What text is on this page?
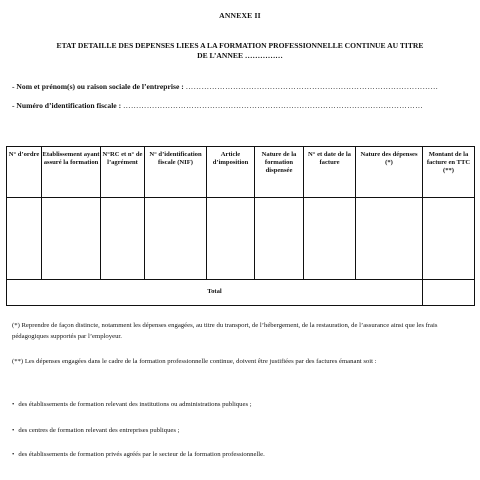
ANNEXE II
ETAT DETAILLE DES DEPENSES LIEES A LA FORMATION PROFESSIONNELLE CONTINUE AU TITRE
DE L’ANNEE ……………
- Nom et prénom(s) ou raison sociale de l’entreprise : ……………………………………………………………………………………
- Numéro d’identification fiscale : ……………………………………………………………………………………………………
N° d’ordre	Etablissement ayant assuré la formation	N°RC et n° de l’agrément	N° d’identification fiscale (NIF)	Article d’imposition	Nature de la formation dispensée	N° et date de la facture	Nature des dépenses (*)	Montant de la facture en TTC (**)

Total								
(*) Reprendre de façon distincte, notamment les dépenses engagées, au titre du transport, de l’hébergement, de la restauration, de l’assurance ainsi que les frais pédagogiques supportés par l’employeur.
(**) Les dépenses engagées dans le cadre de la formation professionnelle continue, doivent être justifiées par des factures émanant soit :
• des établissements de formation relevant des institutions ou administrations publiques ;
• des centres de formation relevant des entreprises publiques ;
• des établissements de formation privés agréés par le secteur de la formation professionnelle.
